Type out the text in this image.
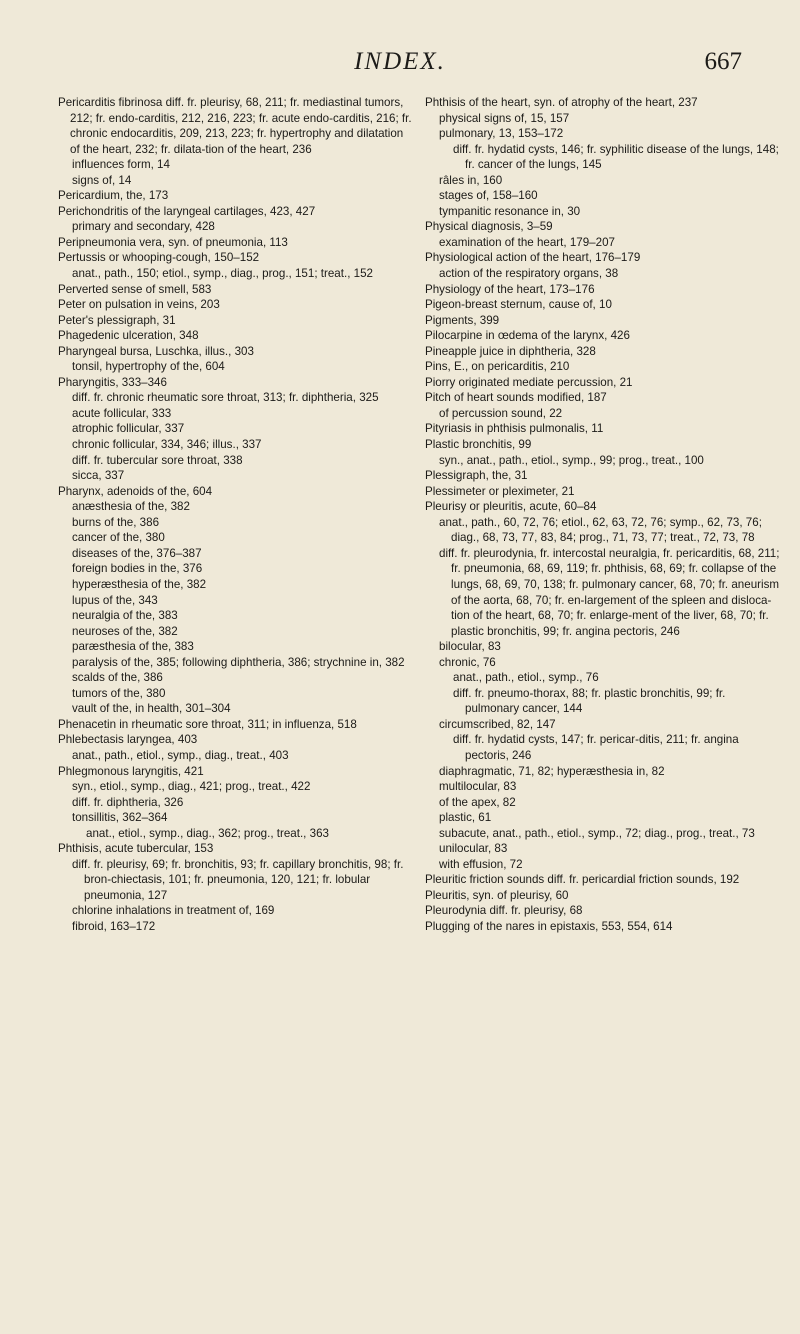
INDEX.	667

Pericarditis fibrinosa diff. fr. pleurisy, 68, 211; fr. mediastinal tumors, 212; fr. endo-carditis, 212, 216, 223; fr. acute endo-carditis, 216; fr. chronic endocarditis, 209, 213, 223; fr. hypertrophy and dilatation of the heart, 232; fr. dilata-tion of the heart, 236

influences form, 14

signs of, 14

Pericardium, the, 173

Perichondritis of the laryngeal cartilages, 423, 427

primary and secondary, 428

Peripneumonia vera, syn. of pneumonia, 113

Pertussis or whooping-cough, 150–152

anat., path., 150; etiol., symp., diag., prog., 151; treat., 152

Perverted sense of smell, 583

Peter on pulsation in veins, 203

Peter's plessigraph, 31

Phagedenic ulceration, 348

Pharyngeal bursa, Luschka, illus., 303

tonsil, hypertrophy of the, 604

Pharyngitis, 333–346

diff. fr. chronic rheumatic sore throat, 313; fr. diphtheria, 325

acute follicular, 333

atrophic follicular, 337

chronic follicular, 334, 346; illus., 337

diff. fr. tubercular sore throat, 338

sicca, 337

Pharynx, adenoids of the, 604

anæsthesia of the, 382

burns of the, 386

cancer of the, 380

diseases of the, 376–387

foreign bodies in the, 376

hyperæsthesia of the, 382

lupus of the, 343

neuralgia of the, 383

neuroses of the, 382

paræsthesia of the, 383

paralysis of the, 385; following diphtheria, 386; strychnine in, 382

scalds of the, 386

tumors of the, 380

vault of the, in health, 301–304

Phenacetin in rheumatic sore throat, 311; in influenza, 518

Phlebectasis laryngea, 403

anat., path., etiol., symp., diag., treat., 403

Phlegmonous laryngitis, 421

syn., etiol., symp., diag., 421; prog., treat., 422

diff. fr. diphtheria, 326

tonsillitis, 362–364

anat., etiol., symp., diag., 362; prog., treat., 363

Phthisis, acute tubercular, 153

diff. fr. pleurisy, 69; fr. bronchitis, 93; fr. capillary bronchitis, 98; fr. bron-chiectasis, 101; fr. pneumonia, 120, 121; fr. lobular pneumonia, 127

chlorine inhalations in treatment of, 169

fibroid, 163–172

Phthisis of the heart, syn. of atrophy of the heart, 237

physical signs of, 15, 157

pulmonary, 13, 153–172

diff. fr. hydatid cysts, 146; fr. syphilitic disease of the lungs, 148; fr. cancer of the lungs, 145

râles in, 160

stages of, 158–160

tympanitic resonance in, 30

Physical diagnosis, 3–59

examination of the heart, 179–207

Physiological action of the heart, 176–179

action of the respiratory organs, 38

Physiology of the heart, 173–176

Pigeon-breast sternum, cause of, 10

Pigments, 399

Pilocarpine in œdema of the larynx, 426

Pineapple juice in diphtheria, 328

Pins, E., on pericarditis, 210

Piorry originated mediate percussion, 21

Pitch of heart sounds modified, 187

of percussion sound, 22

Pityriasis in phthisis pulmonalis, 11

Plastic bronchitis, 99

syn., anat., path., etiol., symp., 99; prog., treat., 100

Plessigraph, the, 31

Plessimeter or pleximeter, 21

Pleurisy or pleuritis, acute, 60–84

anat., path., 60, 72, 76; etiol., 62, 63, 72, 76; symp., 62, 73, 76; diag., 68, 73, 77, 83, 84; prog., 71, 73, 77; treat., 72, 73, 78

diff. fr. pleurodynia, fr. intercostal neuralgia, fr. pericarditis, 68, 211; fr. pneumonia, 68, 69, 119; fr. phthisis, 68, 69; fr. collapse of the lungs, 68, 69, 70, 138; fr. pulmonary cancer, 68, 70; fr. aneurism of the aorta, 68, 70; fr. en-largement of the spleen and disloca-tion of the heart, 68, 70; fr. enlarge-ment of the liver, 68, 70; fr. plastic bronchitis, 99; fr. angina pectoris, 246

bilocular, 83

chronic, 76

anat., path., etiol., symp., 76

diff. fr. pneumo-thorax, 88; fr. plastic bronchitis, 99; fr. pulmonary cancer, 144

circumscribed, 82, 147

diff. fr. hydatid cysts, 147; fr. pericar-ditis, 211; fr. angina pectoris, 246

diaphragmatic, 71, 82; hyperæsthesia in, 82

multilocular, 83

of the apex, 82

plastic, 61

subacute, anat., path., etiol., symp., 72; diag., prog., treat., 73

unilocular, 83

with effusion, 72

Pleuritic friction sounds diff. fr. pericardial friction sounds, 192

Pleuritis, syn. of pleurisy, 60

Pleurodynia diff. fr. pleurisy, 68

Plugging of the nares in epistaxis, 553, 554, 614
